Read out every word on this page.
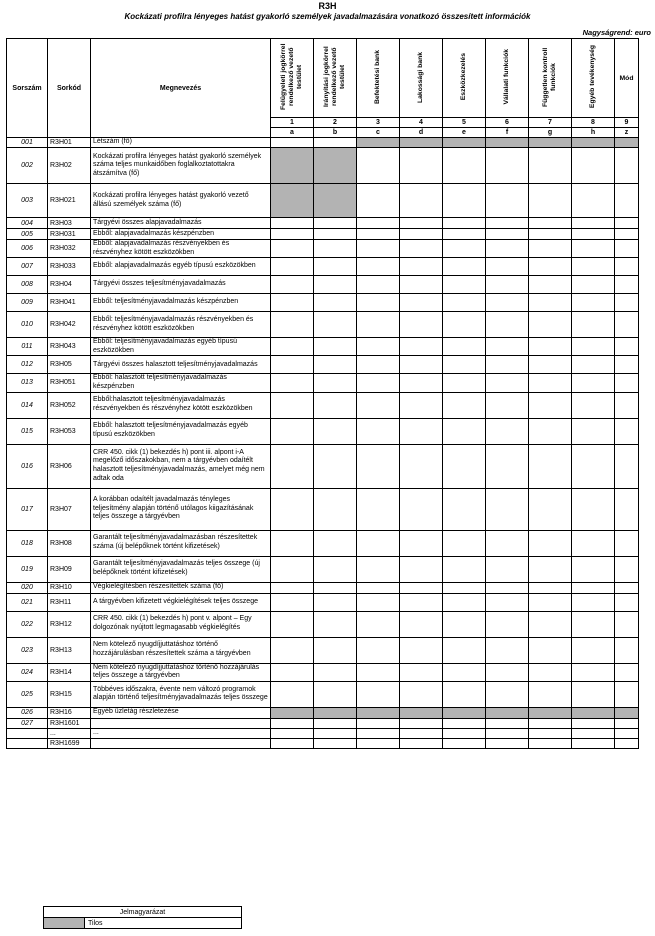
R3H
Kockázati profilra lényeges hatást gyakorló személyek javadalmazására vonatkozó összesített információk
Nagyságrend: euro
Sorszám	Sorkód	Megnevezés	Felügyeleti jogkörrel rendelkező vezető testület	Irányítási jogkörrel rendelkező vezető testület	Befektetési bank	Lakossági bank	Eszközkezelés	Vállalati funkciók	Független kontroll funkciók	Egyéb tevékenység	Mód
			1	2	3	4	5	6	7	8	9
			a	b	c	d	e	f	g	h	z
001	R3H01	Létszám (fő)									
002	R3H02	Kockázati profilra lényeges hatást gyakorló személyek száma teljes munkaidőben foglalkoztatottakra átszámítva (fő)									
003	R3H021	Kockázati profilra lényeges hatást gyakorló vezető állású személyek száma (fő)									
004	R3H03	Tárgyévi összes alapjavadalmazás									
005	R3H031	Ebből: alapjavadalmazás készpénzben									
006	R3H032	Ebből: alapjavadalmazás részvényekben és részvényhez kötött eszközökben									
007	R3H033	Ebből: alapjavadalmazás egyéb típusú eszközökben									
008	R3H04	Tárgyévi összes teljesítményjavadalmazás									
009	R3H041	Ebből: teljesítményjavadalmazás készpénzben									
010	R3H042	Ebből: teljesítményjavadalmazás részvényekben és részvényhez kötött eszközökben									
011	R3H043	Ebből: teljesítményjavadalmazás egyéb típusú eszközökben									
012	R3H05	Tárgyévi összes halasztott teljesítményjavadalmazás									
013	R3H051	Ebből: halasztott teljesítményjavadalmazás készpénzben									
014	R3H052	Ebből:halasztott teljesítményjavadalmazás részvényekben és részvényhez kötött eszközökben									
015	R3H053	Ebből: halasztott teljesítményjavadalmazás egyéb típusú eszközökben									
016	R3H06	CRR 450. cikk (1) bekezdés h) pont iii. alpont i-A megelőző időszakokban, nem a tárgyévben odaítélt halasztott teljesítményjavadalmazás, amelyet még nem adtak oda									
017	R3H07	A korábban odaítélt javadalmazás tényleges teljesítmény alapján történő utólagos kiigazításának teljes összege a tárgyévben									
018	R3H08	Garantált teljesítményjavadalmazásban részesítettek száma (új belépőknek történt kifizetések)									
019	R3H09	Garantált teljesítményjavadalmazás teljes összege (új belépőknek történt kifizetések)									
020	R3H10	Végkielégítésben részesítettek száma (fő)									
021	R3H11	A tárgyévben kifizetett végkielégítések teljes összege									
022	R3H12	CRR 450. cikk (1) bekezdés h) pont v. alpont – Egy dolgozónak nyújtott legmagasabb végkielégítés									
023	R3H13	Nem kötelező nyugdíjjuttatáshoz történő hozzájárulásban részesítettek száma a tárgyévben									
024	R3H14	Nem kötelező nyugdíjjuttatáshoz történő hozzájárulás teljes összege a tárgyévben									
025	R3H15	Többéves időszakra, évente nem változó programok alapján történő teljesítményjavadalmazás teljes összege									
026	R3H16	Egyéb üzletág részletezése									
027	R3H1601										
	...	...									
	R3H1699										
Jelmagyarázat
	Tilos
